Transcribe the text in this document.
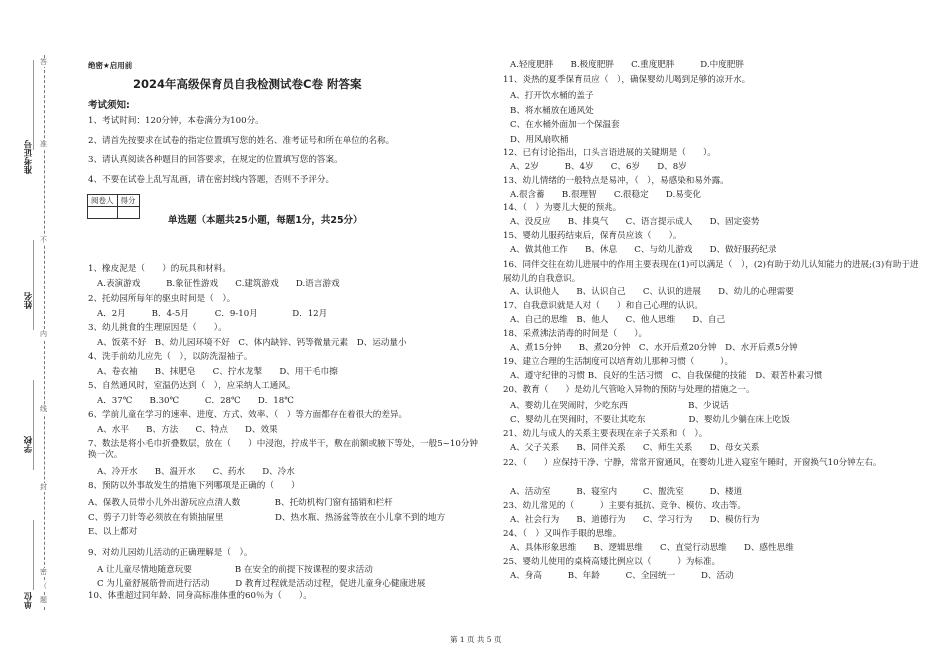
答
准
不
内
线
封
密
（
题
准考证号
姓名
学校
单位
绝密★启用前
2024年高级保育员自我检测试卷C卷 附答案
考试须知:
1、考试时间：120分钟，本卷满分为100分。
2、请首先按要求在试卷的指定位置填写您的姓名、准考证号和所在单位的名称。
3、请认真阅读各种题目的回答要求，在规定的位置填写您的答案。
4、不要在试卷上乱写乱画，请在密封线内答题，否则不予评分。
阅卷人	得分

单选题（本题共25小题，每题1分，共25分）
1、橡皮泥是（　　）的玩具和材料。
A.表演游戏　　　B.象征性游戏　　C.建筑游戏　　D.语言游戏
2、托幼园所每年的驱虫时间是（　）。
A．2月　　　B．4-5月　　　C．9-10月　　　　D．12月
3、幼儿挑食的生理原因是（　　）。
A、饭菜不好　B、幼儿园环境不好　C、体内缺锌、钙等微量元素　D、运动量小
4、洗手前幼儿应先（　），以防洗湿袖子。
A、卷衣袖　　B、抹肥皂　　C、拧水龙掣　　D、用干毛巾擦
5、自然通风时，室温仍达到（　），应采纳人工通风。
A．37℃　　B.30℃　　　C．28℃　　D．18℃
6、学前儿童在学习的速率、进度、方式、效率、（　）等方面都存在着很大的差异。
A、水平　　B、方法　　C、特点　　D、效果
7、数法是将小毛巾折叠数层，放在（　　）中浸泡，拧成半干，敷在前额或腋下等处，一般5~10分钟换一次。
A、冷开水　　B、温开水　　C、药水　　D、冷水
8、预防以外事故发生的措施下列哪项是正确的（　　）
A、保教人员带小儿外出游玩应点清人数　　　　B、托幼机构门窗有插销和栏杆
C、剪子刀针等必须放在有锁抽屉里　　　　　　D、热水瓶、热汤盆等放在小儿拿不到的地方
E、以上都对
9、对幼儿园幼儿活动的正确理解是（　）。
A 让儿童尽情地随意玩要　　　　　B 在安全的前提下按课程的要求活动
C 为儿童舒展筋骨而进行活动　　　D 教育过程就是活动过程，促进儿童身心健康进展
10、体重超过同年龄、同身高标准体重的60％为（　　）。
A.轻度肥胖　　B.极度肥胖　　C.重度肥胖　　　D.中度肥胖
11、炎热的夏季保育员应（　），确保婴幼儿喝到足够的凉开水。
A、打开饮水桶的盖子
B、将水桶放在通风处
C、在水桶外面加一个保温套
D、用风扇吹桶
12、已有讨论指出，口头言语进展的关键期是（　　）。
A、2岁　　　B、4岁　　C、6岁　　D、8岁
13、幼儿情绪的一般特点是易冲，（　），易感染和易外露。
A.很含蓄　　B.很理智　　C.很稳定　　D.易变化
14、（　）为婴儿大便的预兆。
A、没反应　　B、排臭气　　C、语言提示成人　　D、固定姿势
15、婴幼儿服药结束后，保育员应该（　　）。
A、做其他工作　　B、休息　　C、与幼儿游戏　　D、做好服药纪录
16、同伴交往在幼儿进展中的作用主要表现在(1)可以满足（　），(2)有助于幼儿认知能力的进展;(3)有助于进展幼儿的自我意识。
A、认识他人　　B、认识自己　　C、认识的进展　　D、幼儿的心理需要
17、自我意识就是人对（　　）和自己心理的认识。
A、自己的思维　B、他人　　C、他人思维　　D、自己
18、采煮沸法消毒的时间是（　　）。
A、煮15分钟　　B、煮20分钟　C、水开后煮20分钟　D、水开后煮5分钟
19、建立合理的生活制度可以培育幼儿那种习惯（　　　）。
A、遵守纪律的习惯 B、良好的生活习惯　C、自我保健的技能　D、艰苦朴素习惯
20、教育（　　）是幼儿气管呛入异物的预防与处理的措施之一。
A、婴幼儿在哭闹时，少吃东西　　　　　　　B、少说话
C、婴幼儿在哭闹时，不要让其吃东　　　　　D、婴幼儿少躺在床上吃饭
21、幼儿与成人的关系主要表现在亲子关系和（　）。
A、父子关系　　B、同伴关系　　C、师生关系　　D、母女关系
22、（　　）应保持干净、宁静，常常开窗通风，在婴幼儿进入寝室午睡时，开窗换气10分钟左右。
A、活动室　　　B、寝室内　　　C、盥洗室　　　D、楼道
23、幼儿常见的（　　　）主要有抵抗、竞争、模仿、攻击等。
A、社会行为　　B、道德行为　　C、学习行为　　D、模仿行为
24、（　）又叫作手眼的思维。
A、具体形象思维　　B、逻辑思维　　C、直觉行动思维　　D、感性思维
25、婴幼儿使用的桌椅高矮比例应以（　　　）为标准。
A、身高　　　B、年龄　　　C、全园统一　　　D、活动
第 1 页 共 5 页
